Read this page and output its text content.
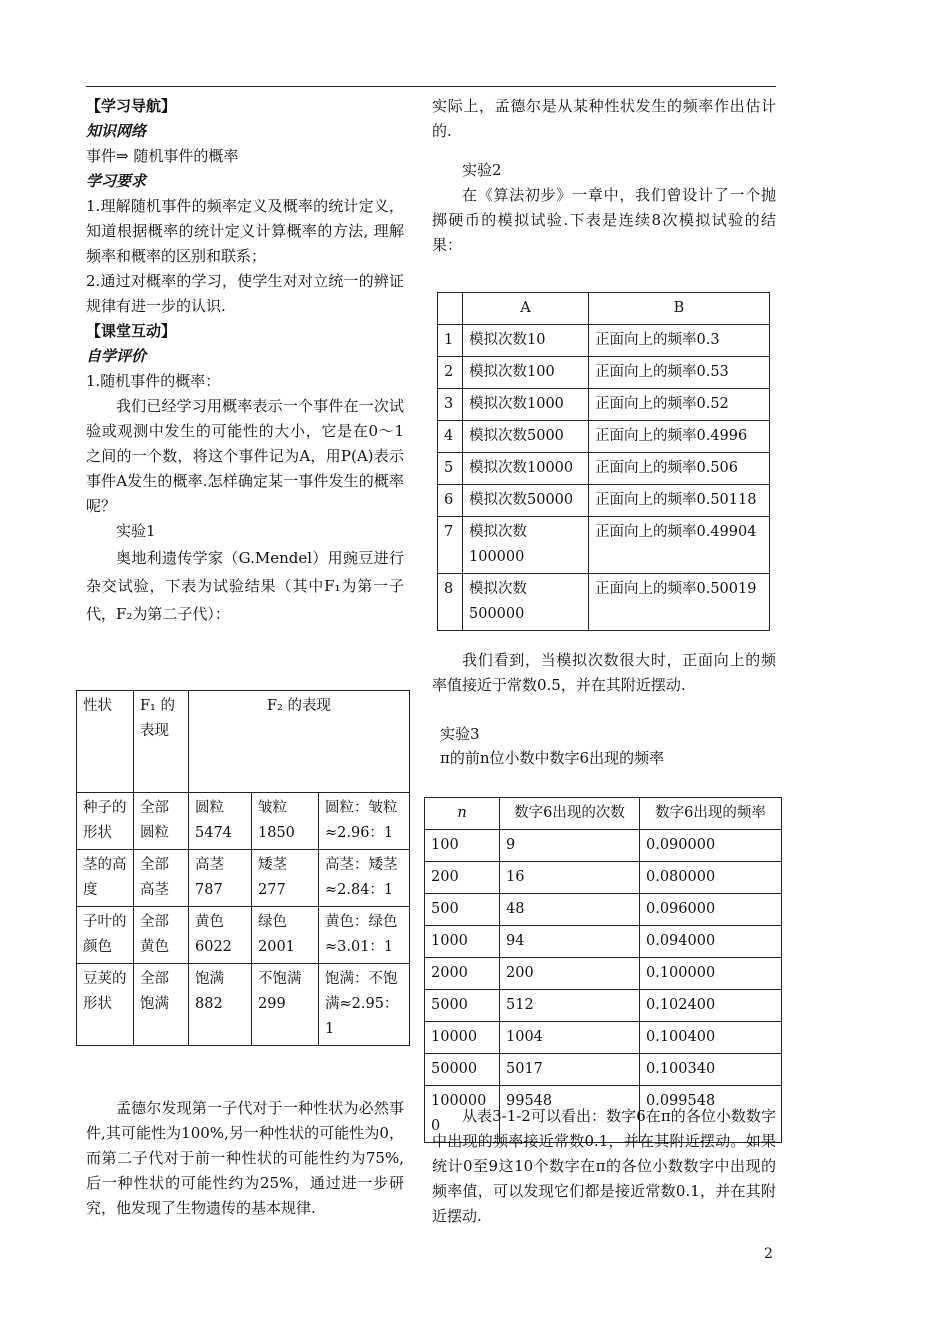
【学习导航】

知识网络

事件⇒ 随机事件的概率

学习要求

1.理解随机事件的频率定义及概率的统计定义，知道根据概率的统计定义计算概率的方法, 理解频率和概率的区别和联系；

2.通过对概率的学习，使学生对对立统一的辨证规律有进一步的认识.

【课堂互动】

自学评价

1.随机事件的概率：

我们已经学习用概率表示一个事件在一次试验或观测中发生的可能性的大小，它是在0～1之间的一个数，将这个事件记为A，用P(A)表示事件A发生的概率.怎样确定某一事件发生的概率呢？

实验1

奥地利遗传学家（G.Mendel）用豌豆进行杂交试验，下表为试验结果（其中F₁为第一子代，F₂为第二子代）：

性状	F₁ 的表现	F₂ 的表现		
种子的形状	全部圆粒	圆粒5474	皱粒1850	圆粒：皱粒≈2.96：1
茎的高度	全部高茎	高茎787	矮茎277	高茎：矮茎≈2.84：1
子叶的颜色	全部黄色	黄色6022	绿色2001	黄色：绿色≈3.01：1
豆荚的形状	全部饱满	饱满882	不饱满299	饱满：不饱满≈2.95：1

孟德尔发现第一子代对于一种性状为必然事件,其可能性为100%,另一种性状的可能性为0，而第二子代对于前一种性状的可能性约为75%,后一种性状的可能性约为25%，通过进一步研究，他发现了生物遗传的基本规律.

实际上，孟德尔是从某种性状发生的频率作出估计的.

实验2

在《算法初步》一章中，我们曾设计了一个抛掷硬币的模拟试验.下表是连续8次模拟试验的结果：

	A	B
1	模拟次数10	正面向上的频率0.3
2	模拟次数100	正面向上的频率0.53
3	模拟次数1000	正面向上的频率0.52
4	模拟次数5000	正面向上的频率0.4996
5	模拟次数10000	正面向上的频率0.506
6	模拟次数50000	正面向上的频率0.50118
7	模拟次数100000	正面向上的频率0.49904
8	模拟次数500000	正面向上的频率0.50019

我们看到，当模拟次数很大时，正面向上的频率值接近于常数0.5，并在其附近摆动.

实验3

π的前n位小数中数字6出现的频率

n	数字6出现的次数	数字6出现的频率
100	9	0.090000
200	16	0.080000
500	48	0.096000
1000	94	0.094000
2000	200	0.100000
5000	512	0.102400
10000	1004	0.100400
50000	5017	0.100340
1000000	99548	0.099548

从表3-1-2可以看出：数字6在π的各位小数数字中出现的频率接近常数0.1，并在其附近摆动。如果统计0至9这10个数字在π的各位小数数字中出现的频率值，可以发现它们都是接近常数0.1，并在其附近摆动.

2
